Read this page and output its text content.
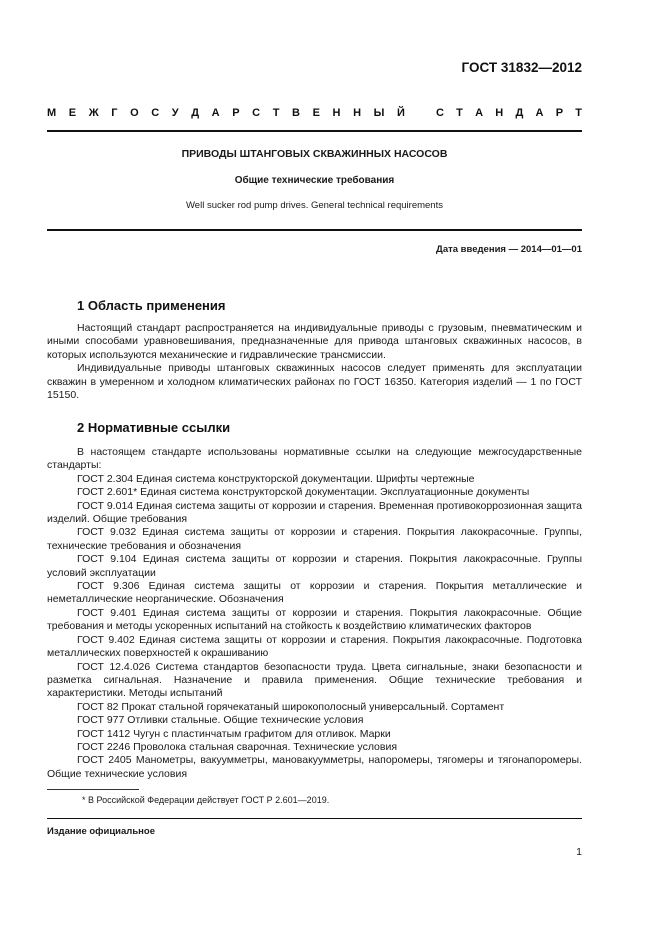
ГОСТ 31832—2012
М Е Ж Г О С У Д А Р С Т В Е Н Н Ы Й	С Т А Н Д А Р Т
ПРИВОДЫ ШТАНГОВЫХ СКВАЖИННЫХ НАСОСОВ
Общие технические требования
Well sucker rod pump drives. General technical requirements
Дата введения — 2014—01—01
1 Область применения

Настоящий стандарт распространяется на индивидуальные приводы с грузовым, пневматическим и иными способами уравновешивания, предназначенные для привода штанговых скважинных насосов, в которых используются механические и гидравлические трансмиссии.

Индивидуальные приводы штанговых скважинных насосов следует применять для эксплуатации скважин в умеренном и холодном климатических районах по ГОСТ 16350. Категория изделий — 1 по ГОСТ 15150.

2 Нормативные ссылки

В настоящем стандарте использованы нормативные ссылки на следующие межгосударственные стандарты:

ГОСТ 2.304 Единая система конструкторской документации. Шрифты чертежные

ГОСТ 2.601* Единая система конструкторской документации. Эксплуатационные документы

ГОСТ 9.014 Единая система защиты от коррозии и старения. Временная противокоррозионная защита изделий. Общие требования

ГОСТ 9.032 Единая система защиты от коррозии и старения. Покрытия лакокрасочные. Группы, технические требования и обозначения

ГОСТ 9.104 Единая система защиты от коррозии и старения. Покрытия лакокрасочные. Группы условий эксплуатации

ГОСТ 9.306 Единая система защиты от коррозии и старения. Покрытия металлические и неметаллические неорганические. Обозначения

ГОСТ 9.401 Единая система защиты от коррозии и старения. Покрытия лакокрасочные. Общие требования и методы ускоренных испытаний на стойкость к воздействию климатических факторов

ГОСТ 9.402 Единая система защиты от коррозии и старения. Покрытия лакокрасочные. Подготовка металлических поверхностей к окрашиванию

ГОСТ 12.4.026 Система стандартов безопасности труда. Цвета сигнальные, знаки безопасности и разметка сигнальная. Назначение и правила применения. Общие технические требования и характеристики. Методы испытаний

ГОСТ 82 Прокат стальной горячекатаный широкополосный универсальный. Сортамент

ГОСТ 977 Отливки стальные. Общие технические условия

ГОСТ 1412 Чугун с пластинчатым графитом для отливок. Марки

ГОСТ 2246 Проволока стальная сварочная. Технические условия

ГОСТ 2405 Манометры, вакуумметры, мановакуумметры, напоромеры, тягомеры и тягонапоромеры. Общие технические условия

* В Российской Федерации действует ГОСТ Р 2.601—2019.
Издание официальное
1
